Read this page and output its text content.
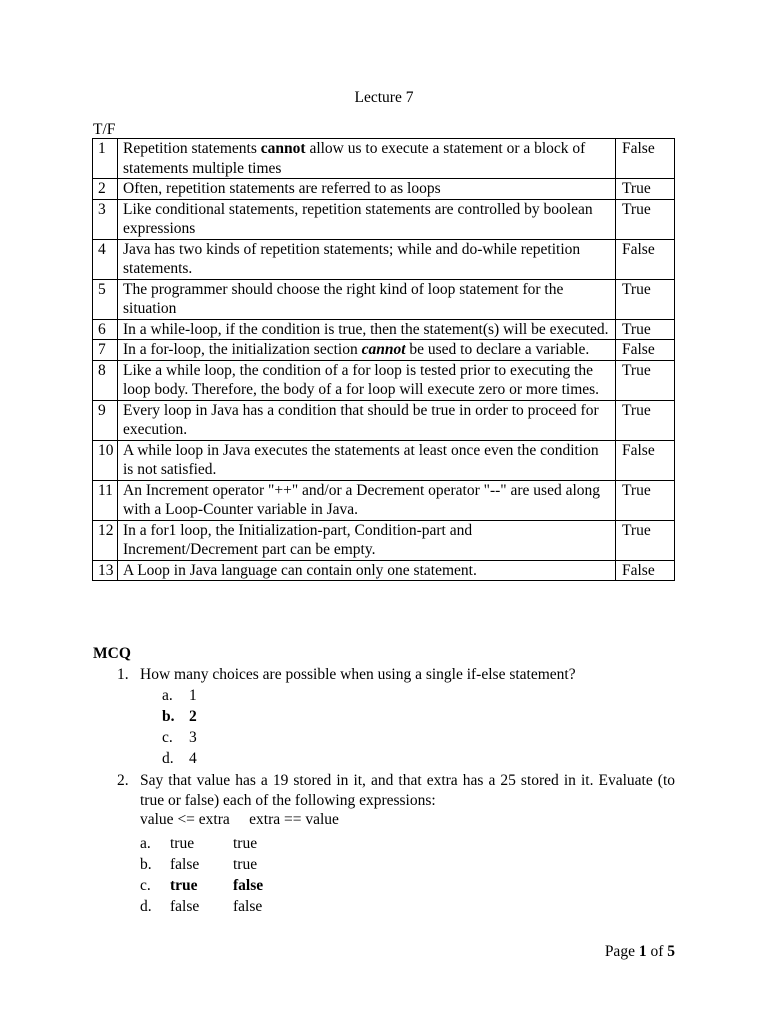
Lecture 7
T/F
1	Repetition statements cannot allow us to execute a statement or a block of statements multiple times	False
2	Often, repetition statements are referred to as loops	True
3	Like conditional statements, repetition statements are controlled by boolean expressions	True
4	Java has two kinds of repetition statements; while and do-while repetition statements.	False
5	The programmer should choose the right kind of loop statement for the situation	True
6	In a while-loop, if the condition is true, then the statement(s) will be executed.	True
7	In a for-loop, the initialization section cannot be used to declare a variable.	False
8	Like a while loop, the condition of a for loop is tested prior to executing the loop body. Therefore, the body of a for loop will execute zero or more times.	True
9	Every loop in Java has a condition that should be true in order to proceed for execution.	True
10	A while loop in Java executes the statements at least once even the condition is not satisfied.	False
11	An Increment operator "++" and/or a Decrement operator "--" are used along with a Loop-Counter variable in Java.	True
12	In a for1 loop, the Initialization-part, Condition-part and Increment/Decrement part can be empty.	True
13	A Loop in Java language can contain only one statement.	False
MCQ
1. How many choices are possible when using a single if-else statement?
a. 1
b. 2
c. 3
d. 4
2. Say that value has a 19 stored in it, and that extra has a 25 stored in it. Evaluate (to true or false) each of the following expressions:
value <= extra     extra == value
a. true	true
b. false true
c. true false
d. false false
Page 1 of 5
